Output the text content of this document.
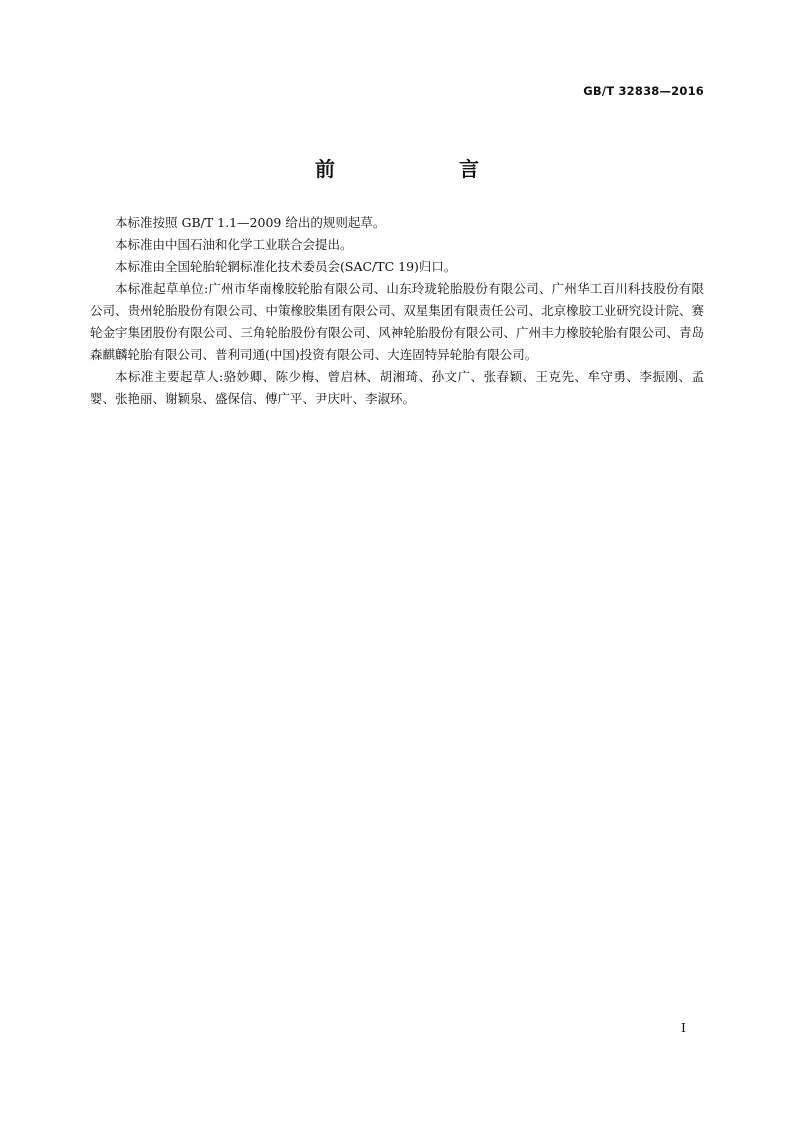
GB/T 32838—2016
前　言

本标准按照 GB/T 1.1—2009 给出的规则起草。

本标准由中国石油和化学工业联合会提出。

本标准由全国轮胎轮辋标准化技术委员会(SAC/TC 19)归口。

本标准起草单位:广州市华南橡胶轮胎有限公司、山东玲珑轮胎股份有限公司、广州华工百川科技股份有限公司、贵州轮胎股份有限公司、中策橡胶集团有限公司、双星集团有限责任公司、北京橡胶工业研究设计院、赛轮金宇集团股份有限公司、三角轮胎股份有限公司、风神轮胎股份有限公司、广州丰力橡胶轮胎有限公司、青岛森麒麟轮胎有限公司、普利司通(中国)投资有限公司、大连固特异轮胎有限公司。

本标准主要起草人:骆妙卿、陈少梅、曾启林、胡湘琦、孙文广、张春颖、王克先、牟守勇、李振刚、孟婴、张艳丽、谢颖泉、盛保信、傅广平、尹庆叶、李淑环。

I
